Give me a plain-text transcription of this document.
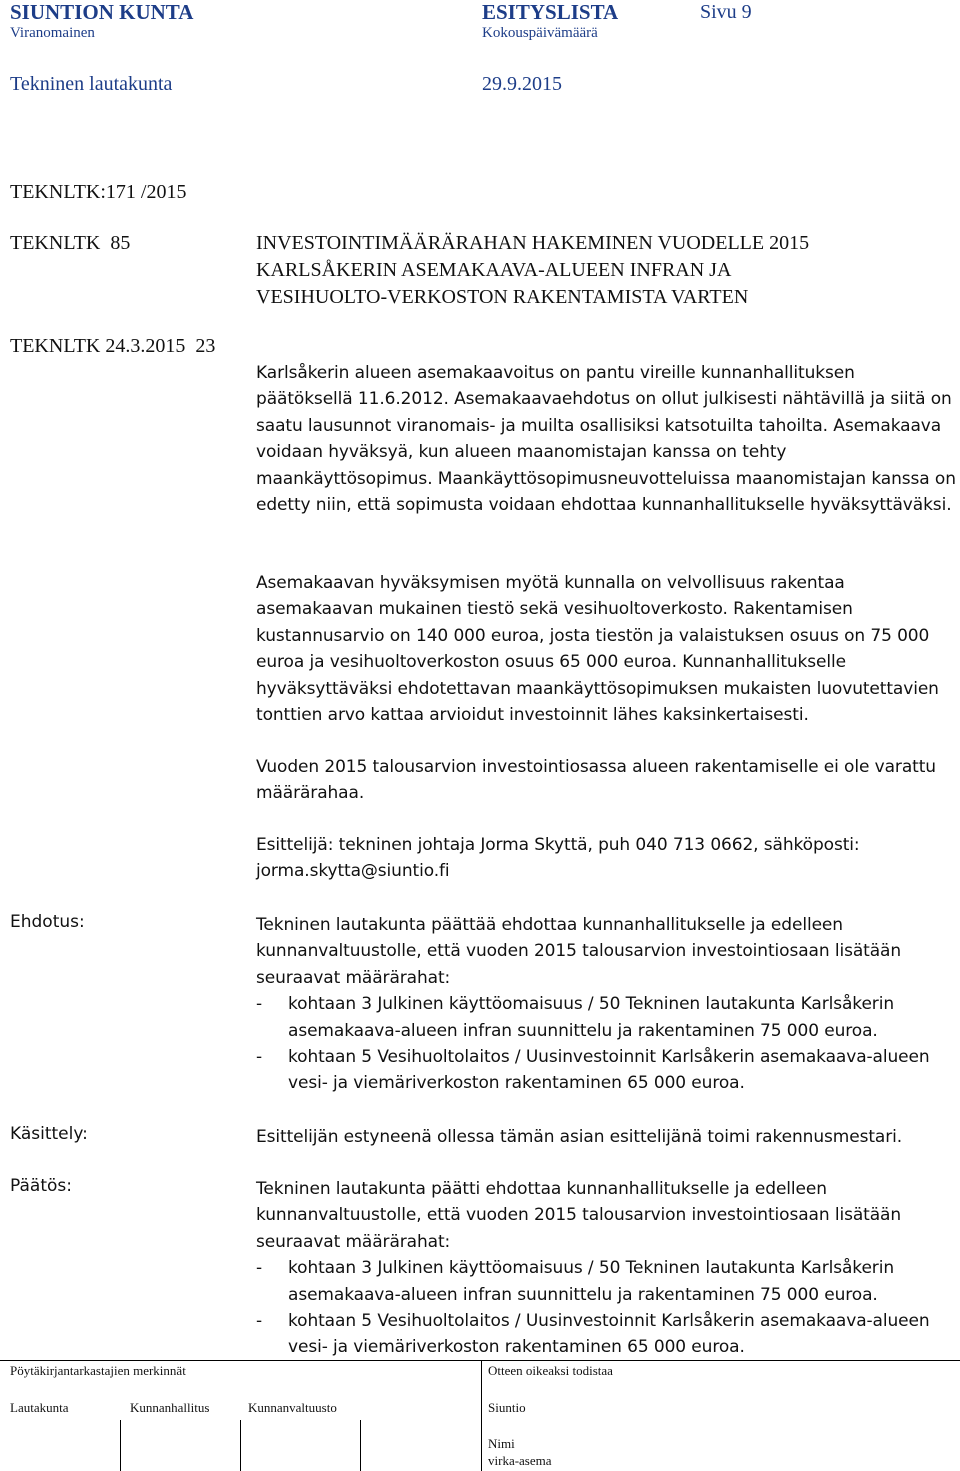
SIUNTION KUNTA
Viranomainen
ESITYSLISTA
Kokouspäivämäärä
Sivu 9
Tekninen lautakunta	29.9.2015
TEKNLTK:171 /2015
TEKNLTK  85	INVESTOINTIMÄÄRÄRAHAN HAKEMINEN VUODELLE 2015
KARLSÅKERIN ASEMAKAAVA-ALUEEN INFRAN JA
VESIHUOLTO-VERKOSTON RAKENTAMISTA VARTEN
TEKNLTK 24.3.2015  23
Karlsåkerin alueen asemakaavoitus on pantu vireille kunnanhallituksen päätöksellä 11.6.2012. Asemakaavaehdotus on ollut julkisesti nähtävillä ja siitä on saatu lausunnot viranomais- ja muilta osallisiksi katsotuilta tahoilta. Asemakaava voidaan hyväksyä, kun alueen maanomistajan kanssa on tehty maankäyttösopimus. Maankäyttösopimusneuvotteluissa maanomistajan kanssa on edetty niin, että sopimusta voidaan ehdottaa kunnanhallitukselle hyväksyttäväksi.
Asemakaavan hyväksymisen myötä kunnalla on velvollisuus rakentaa asemakaavan mukainen tiestö sekä vesihuoltoverkosto. Rakentamisen kustannusarvio on 140 000 euroa, josta tiestön ja valaistuksen osuus on 75 000 euroa ja vesihuoltoverkoston osuus 65 000 euroa. Kunnanhallitukselle hyväksyttäväksi ehdotettavan maankäyttösopimuksen mukaisten luovutettavien tonttien arvo kattaa arvioidut investoinnit lähes kaksinkertaisesti.
Vuoden 2015 talousarvion investointiosassa alueen rakentamiselle ei ole varattu määrärahaa.
Esittelijä: tekninen johtaja Jorma Skyttä, puh 040 713 0662, sähköposti:
jorma.skytta@siuntio.fi
Ehdotus:	Tekninen lautakunta päättää ehdottaa kunnanhallitukselle ja edelleen kunnanvaltuustolle, että vuoden 2015 talousarvion investointiosaan lisätään seuraavat määrärahat:
- kohtaan 3 Julkinen käyttöomaisuus / 50 Tekninen lautakunta Karlsåkerin asemakaava-alueen infran suunnittelu ja rakentaminen 75 000 euroa.
- kohtaan 5 Vesihuoltolaitos / Uusinvestoinnit Karlsåkerin asemakaava-alueen vesi- ja viemäriverkoston rakentaminen 65 000 euroa.
Käsittely:	Esittelijän estyneenä ollessa tämän asian esittelijänä toimi rakennusmestari.
Päätös:	Tekninen lautakunta päätti ehdottaa kunnanhallitukselle ja edelleen kunnanvaltuustolle, että vuoden 2015 talousarvion investointiosaan lisätään seuraavat määrärahat:
- kohtaan 3 Julkinen käyttöomaisuus / 50 Tekninen lautakunta Karlsåkerin asemakaava-alueen infran suunnittelu ja rakentaminen 75 000 euroa.
- kohtaan 5 Vesihuoltolaitos / Uusinvestoinnit Karlsåkerin asemakaava-alueen vesi- ja viemäriverkoston rakentaminen 65 000 euroa.
Pöytäkirjantarkastajien merkinnät
Lautakunta	Kunnanhallitus	Kunnanvaltuusto
Otteen oikeaksi todistaa
Siuntio
Nimi
virka-asema
